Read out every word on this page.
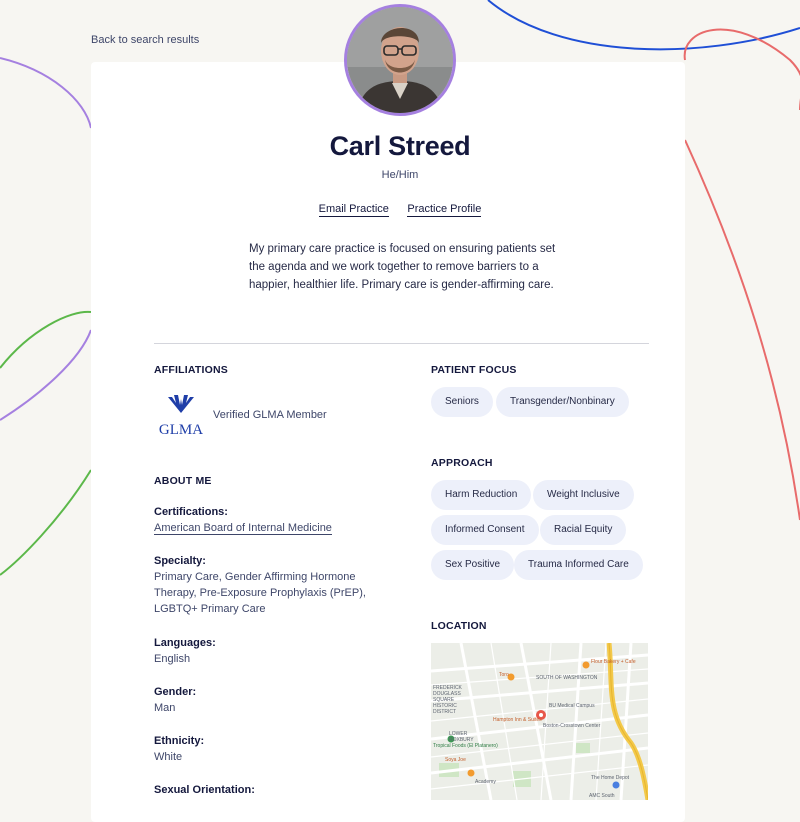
Back to search results
Carl Streed
He/Him
Email Practice Practice Profile
My primary care practice is focused on ensuring patients set the agenda and we work together to remove barriers to a happier, healthier life. Primary care is gender-affirming care.
AFFILIATIONS
GLMA
Verified GLMA Member
ABOUT ME
Certifications:
American Board of Internal Medicine
Specialty:
Primary Care, Gender Affirming Hormone Therapy, Pre-Exposure Prophylaxis (PrEP), LGBTQ+ Primary Care
Languages:
English
Gender:
Man
Ethnicity:
White
Sexual Orientation:
PATIENT FOCUS
Seniors	Transgender/Nonbinary
APPROACH
Harm Reduction	Weight Inclusive
Informed Consent	Racial Equity
Sex Positive	Trauma Informed Care
LOCATION
FREDERICK
DOUGLASS
SQUARE
HISTORIC
DISTRICT
SOUTH OF WASHINGTON
LOWER
ROXBURY
BU Medical Campus
Boston-Crosstown Center
The Home Depot
Academy
AMC South
Hampton Inn & Suites
Flour Bakery + Cafe
Toro
Soya Joe
Tropical Foods (El Platanero)
